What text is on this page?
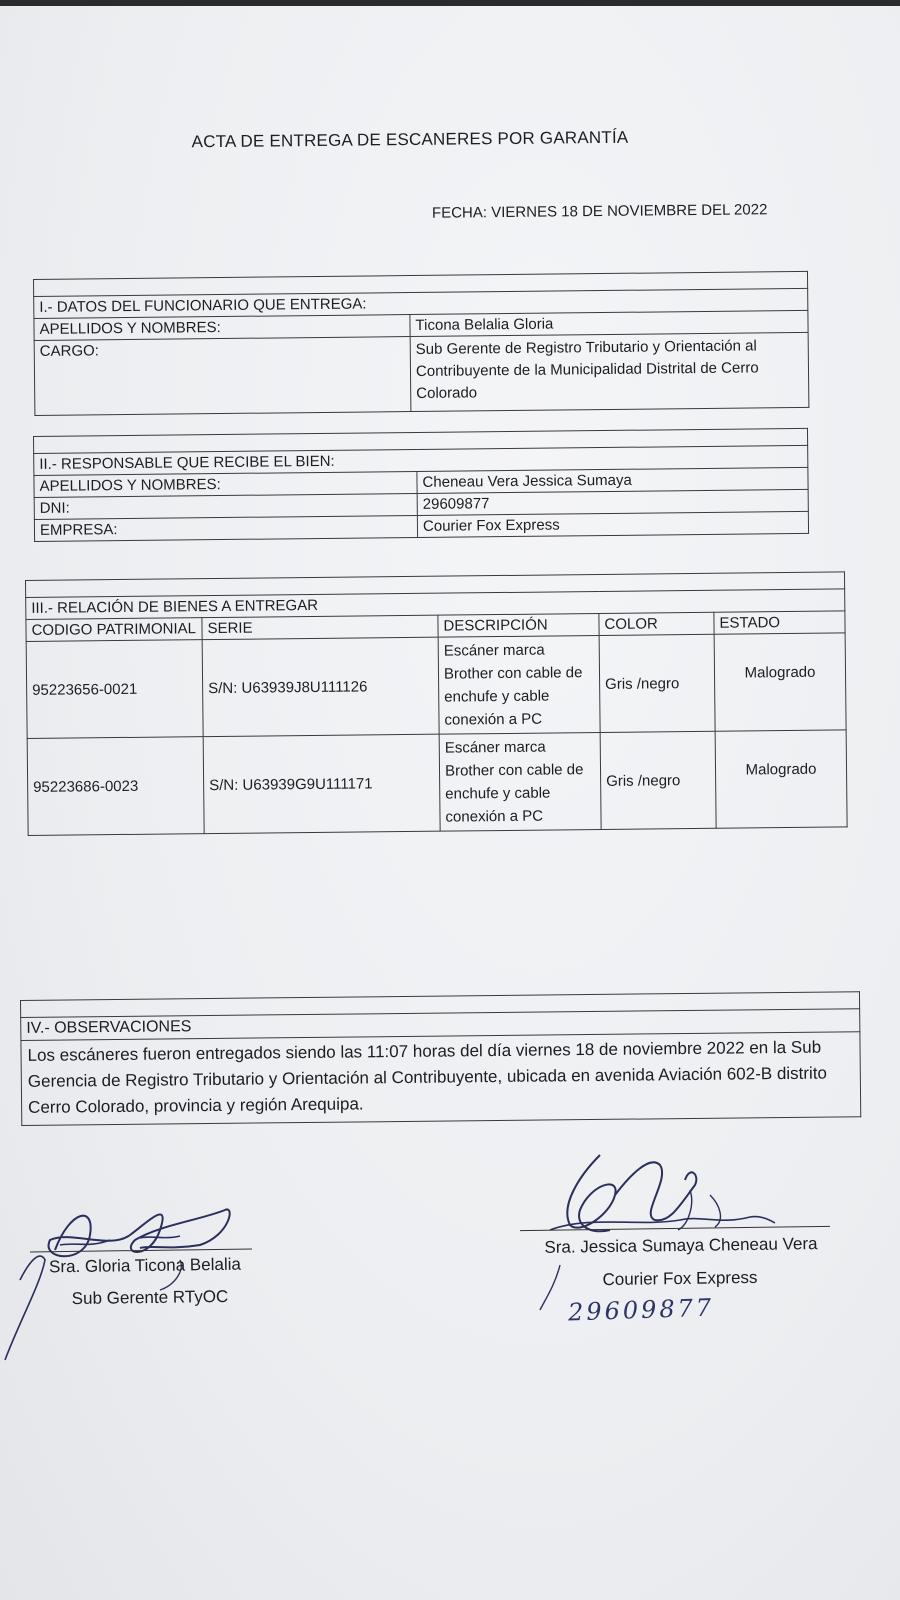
ACTA DE ENTREGA DE ESCANERES POR GARANTÍA
FECHA: VIERNES 18 DE NOVIEMBRE DEL 2022

I.- DATOS DEL FUNCIONARIO QUE ENTREGA:	
APELLIDOS Y NOMBRES:	Ticona Belalia Gloria
CARGO:	Sub Gerente de Registro Tributario y Orientación al Contribuyente de la Municipalidad Distrital de Cerro Colorado

II.- RESPONSABLE QUE RECIBE EL BIEN:	
APELLIDOS Y NOMBRES:	Cheneau Vera Jessica Sumaya
DNI:	29609877
EMPRESA:	Courier Fox Express

III.- RELACIÓN DE BIENES A ENTREGAR				
CODIGO PATRIMONIAL	SERIE	DESCRIPCIÓN	COLOR	ESTADO
95223656-0021	S/N: U63939J8U111126	Escáner marca Brother con cable de enchufe y cable conexión a PC	Gris /negro	Malogrado
95223686-0023	S/N: U63939G9U111171	Escáner marca Brother con cable de enchufe y cable conexión a PC	Gris /negro	Malogrado

IV.- OBSERVACIONES
Los escáneres fueron entregados siendo las 11:07 horas del día viernes 18 de noviembre 2022 en la Sub Gerencia de Registro Tributario y Orientación al Contribuyente, ubicada en avenida Aviación 602-B distrito Cerro Colorado, provincia y región Arequipa.
Sra. Gloria Ticona Belalia
Sub Gerente RTyOC
Sra. Jessica Sumaya Cheneau Vera
Courier Fox Express
29609877
